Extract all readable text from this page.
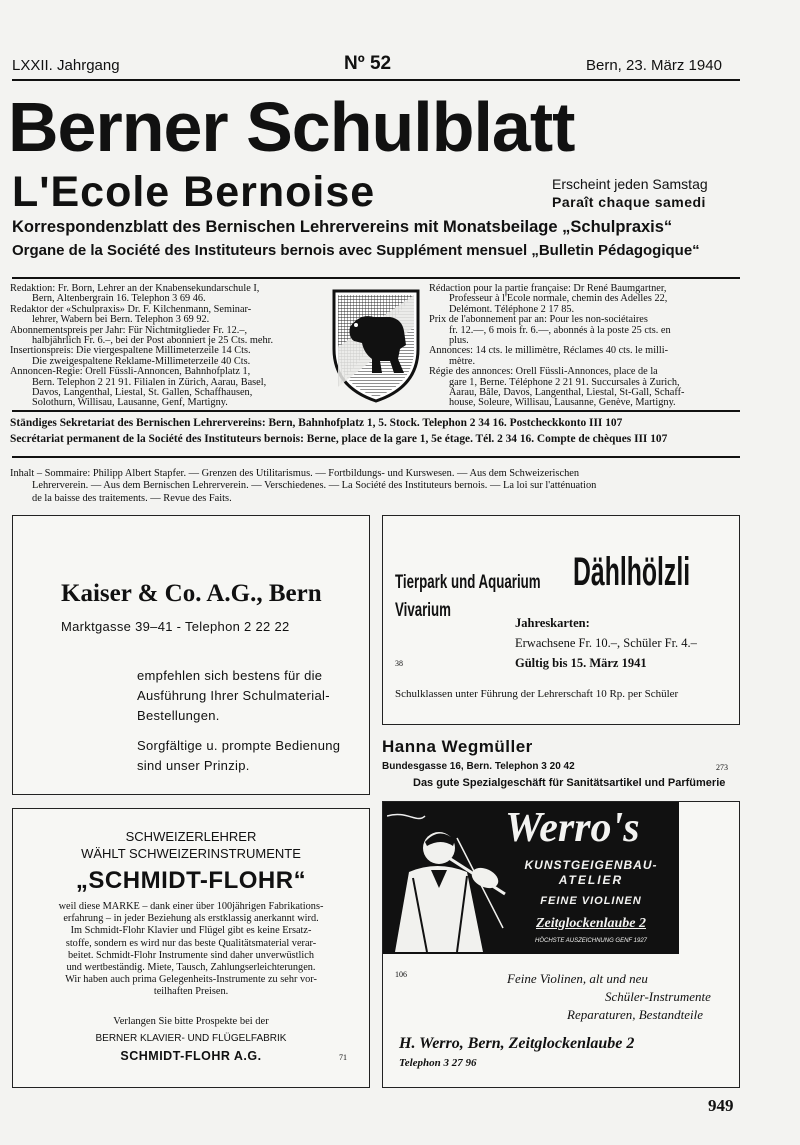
LXXII. Jahrgang	Nº 52	Bern, 23. März 1940
Berner Schulblatt
L'Ecole Bernoise	Erscheint jeden Samstag
Paraît chaque samedi
Korrespondenzblatt des Bernischen Lehrervereins mit Monatsbeilage „Schulpraxis“
Organe de la Société des Instituteurs bernois avec Supplément mensuel „Bulletin Pédagogique“
Redaktion: Fr. Born, Lehrer an der Knabensekundarschule I,
Bern, Altenbergrain 16. Telephon 3 69 46.
Redaktor der «Schulpraxis» Dr. F. Kilchenmann, Seminar-
lehrer, Wabern bei Bern. Telephon 3 69 92.
Abonnementspreis per Jahr: Für Nichtmitglieder Fr. 12.–,
halbjährlich Fr. 6.–, bei der Post abonniert je 25 Cts. mehr.
Insertionspreis: Die viergespaltene Millimeterzeile 14 Cts.
Die zweigespaltene Reklame-Millimeterzeile 40 Cts.
Annoncen-Regie: Orell Füssli-Annoncen, Bahnhofplatz 1,
Bern. Telephon 2 21 91. Filialen in Zürich, Aarau, Basel,
Davos, Langenthal, Liestal, St. Gallen, Schaffhausen,
Solothurn, Willisau, Lausanne, Genf, Martigny.
Rédaction pour la partie française: Dr René Baumgartner,
Professeur à l'Ecole normale, chemin des Adelles 22,
Delémont. Téléphone 2 17 85.
Prix de l'abonnement par an: Pour les non-sociétaires
fr. 12.—, 6 mois fr. 6.—, abonnés à la poste 25 cts. en
plus.
Annonces: 14 cts. le millimètre, Réclames 40 cts. le milli-
mètre.
Régie des annonces: Orell Füssli-Annonces, place de la
gare 1, Berne. Téléphone 2 21 91. Succursales à Zurich,
Aarau, Bâle, Davos, Langenthal, Liestal, St-Gall, Schaff-
house, Soleure, Willisau, Lausanne, Genève, Martigny.
Ständiges Sekretariat des Bernischen Lehrervereins: Bern, Bahnhofplatz 1, 5. Stock. Telephon 2 34 16. Postcheckkonto III 107
Secrétariat permanent de la Société des Instituteurs bernois: Berne, place de la gare 1, 5e étage. Tél. 2 34 16. Compte de chèques III 107
Inhalt – Sommaire: Philipp Albert Stapfer. — Grenzen des Utilitarismus. — Fortbildungs- und Kurswesen. — Aus dem Schweizerischen
Lehrerverein. — Aus dem Bernischen Lehrerverein. — Verschiedenes. — La Société des Instituteurs bernois. — La loi sur l'atténuation
de la baisse des traitements. — Revue des Faits.
Kaiser & Co. A.G., Bern
Marktgasse 39–41 - Telephon 2 22 22
empfehlen sich bestens für die
Ausführung Ihrer Schulmaterial-
Bestellungen.
Sorgfältige u. prompte Bedienung
sind unser Prinzip.
Tierpark und Aquarium Dählhölzli
Vivarium
Jahreskarten:
Erwachsene Fr. 10.–, Schüler Fr. 4.–
Gültig bis 15. März 1941
38
Schulklassen unter Führung der Lehrerschaft 10 Rp. per Schüler
Hanna Wegmüller
Bundesgasse 16, Bern. Telephon 3 20 42	273
Das gute Spezialgeschäft für Sanitätsartikel und Parfümerie
SCHWEIZERLEHRER
WÄHLT SCHWEIZERINSTRUMENTE
„SCHMIDT-FLOHR“
weil diese MARKE – dank einer über 100jährigen Fabrikations-
erfahrung – in jeder Beziehung als erstklassig anerkannt wird.
Im Schmidt-Flohr Klavier und Flügel gibt es keine Ersatz-
stoffe, sondern es wird nur das beste Qualitätsmaterial verar-
beitet. Schmidt-Flohr Instrumente sind daher unverwüstlich
und wertbeständig. Miete, Tausch, Zahlungserleichterungen.
Wir haben auch prima Gelegenheits-Instrumente zu sehr vor-
teilhaften Preisen.
Verlangen Sie bitte Prospekte bei der
BERNER KLAVIER- UND FLÜGELFABRIK
SCHMIDT-FLOHR A.G.	71
Werro's
KUNSTGEIGENBAU-
ATELIER
FEINE VIOLINEN
Zeitglockenlaube 2
HÖCHSTE AUSZEICHNUNG GENF 1927
106	Feine Violinen, alt und neu
Schüler-Instrumente
Reparaturen, Bestandteile
H. Werro, Bern, Zeitglockenlaube 2
Telephon 3 27 96
949
